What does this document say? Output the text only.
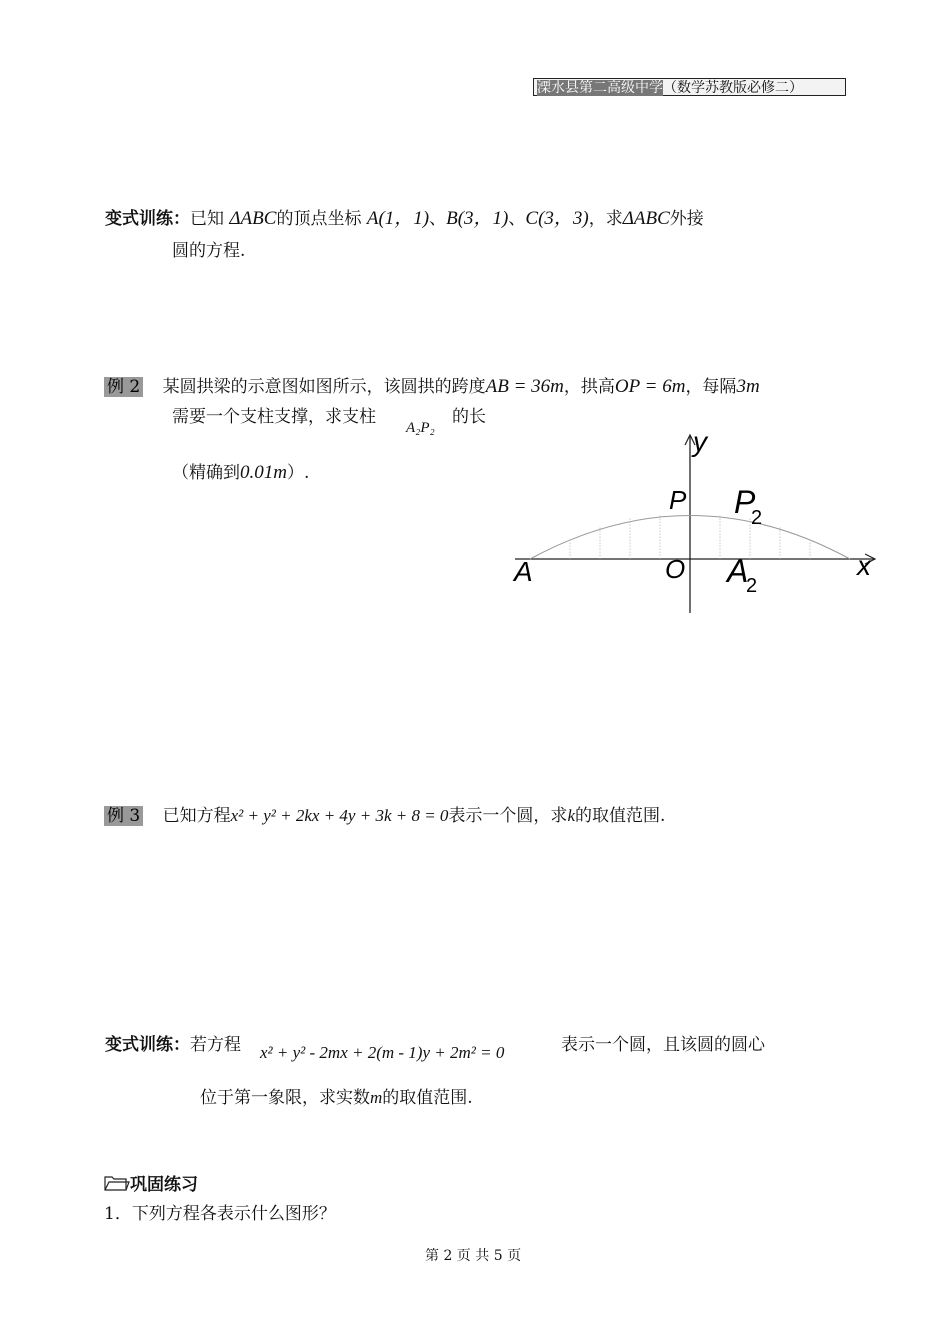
溧水县第二高级中学（数学苏教版必修二）
变式训练：已知 ΔABC的顶点坐标 A(1，1)、B(3，1)、C(3，3)，求ΔABC外接
圆的方程.
例 2 某圆拱梁的示意图如图所示，该圆拱的跨度AB = 36m，拱高OP = 6m，每隔3m
需要一个支柱支撑，求支柱
A₂P₂
的长
（精确到0.01m）.
y
x
P P
2
A	O A
2
例 3 已知方程x² + y² + 2kx + 4y + 3k + 8 = 0表示一个圆，求k的取值范围.
变式训练：若方程 x² + y² - 2mx + 2(m - 1)y + 2m² = 0	表示一个圆，且该圆的圆心
位于第一象限，求实数m的取值范围.
巩固练习
1．下列方程各表示什么图形？
第 2 页 共 5 页
